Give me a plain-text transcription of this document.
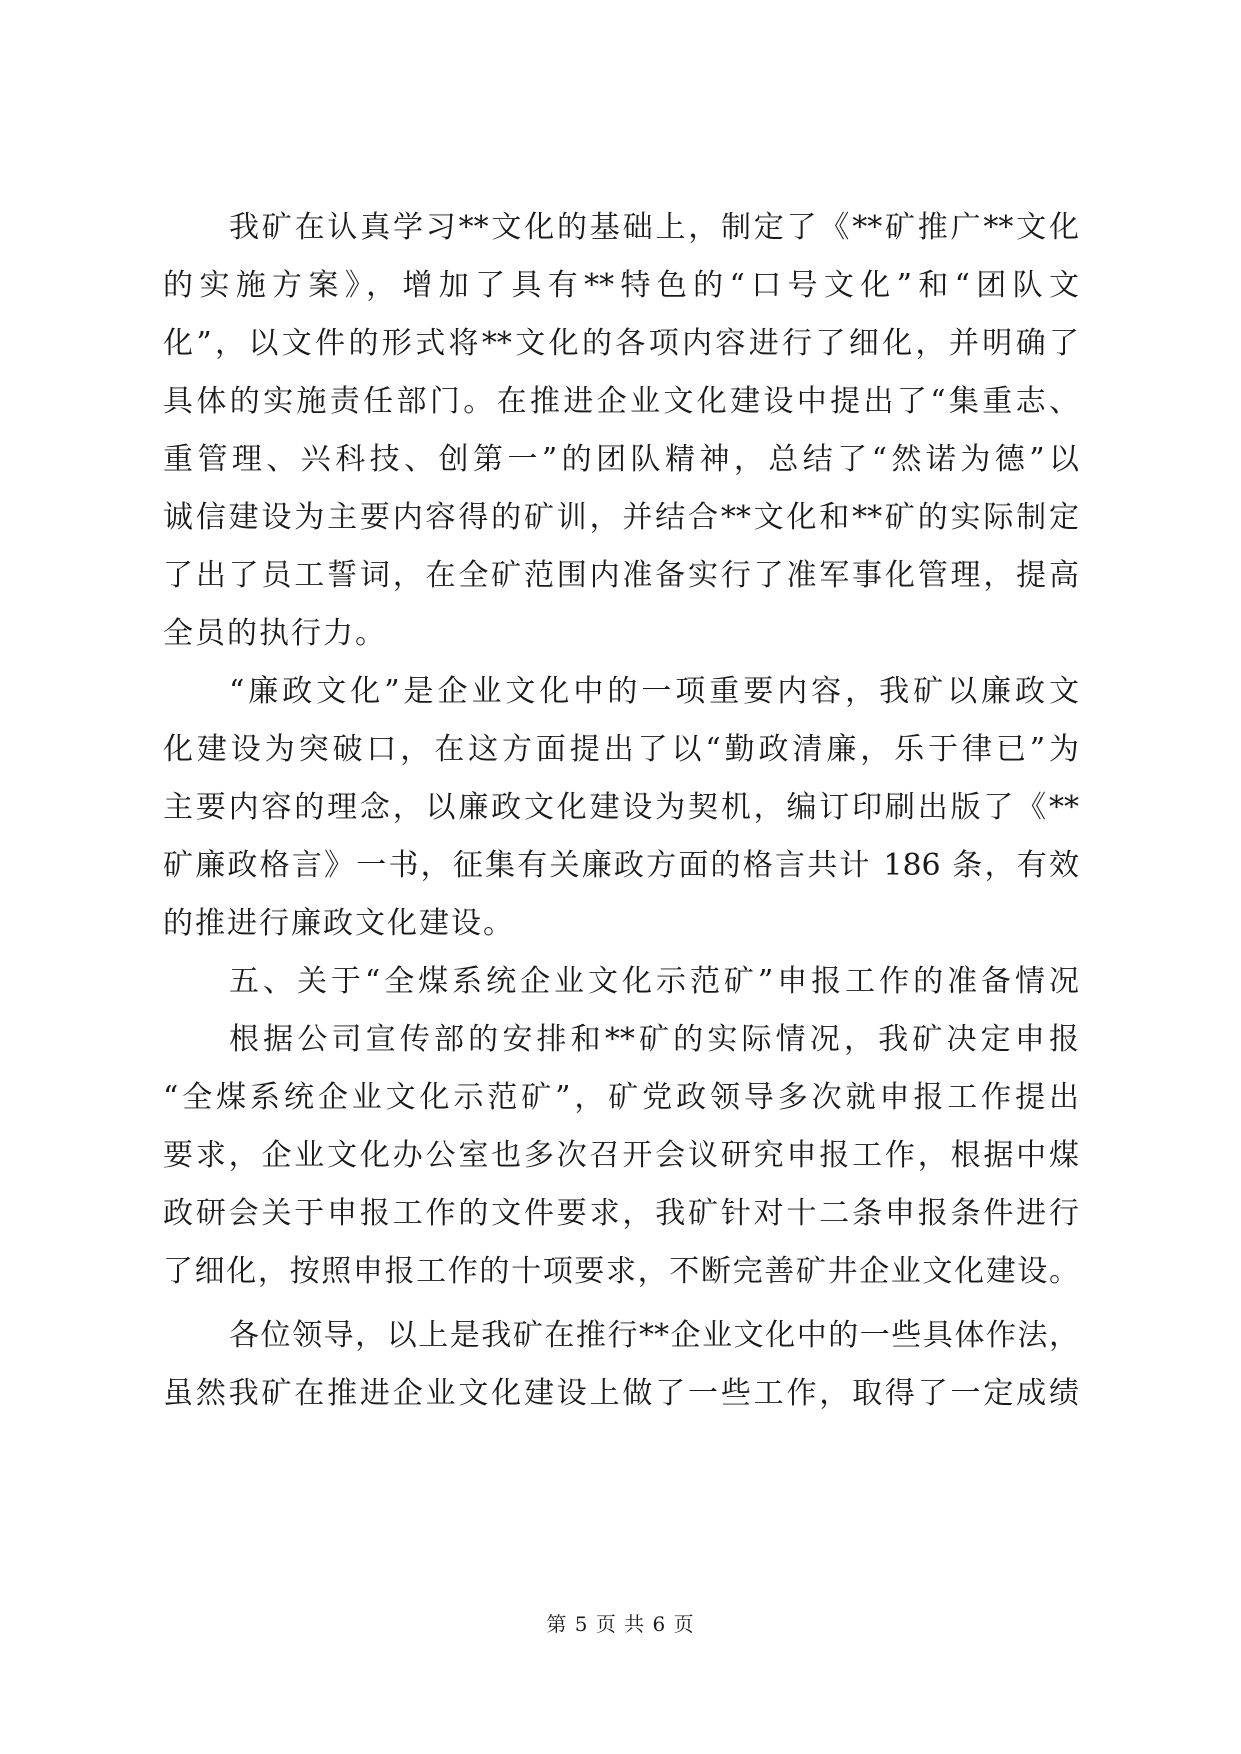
我矿在认真学习**文化的基础上，制定了《**矿推广**文化
的实施方案》，增加了具有**特色的“口号文化”和“团队文
化”，以文件的形式将**文化的各项内容进行了细化，并明确了
具体的实施责任部门。在推进企业文化建设中提出了“集重志、
重管理、兴科技、创第一”的团队精神，总结了“然诺为德”以
诚信建设为主要内容得的矿训，并结合**文化和**矿的实际制定
了出了员工誓词，在全矿范围内准备实行了准军事化管理，提高
全员的执行力。
“廉政文化”是企业文化中的一项重要内容，我矿以廉政文
化建设为突破口，在这方面提出了以“勤政清廉，乐于律已”为
主要内容的理念，以廉政文化建设为契机，编订印刷出版了《**
矿廉政格言》一书，征集有关廉政方面的格言共计 186 条，有效
的推进行廉政文化建设。
五、关于“全煤系统企业文化示范矿”申报工作的准备情况
根据公司宣传部的安排和**矿的实际情况，我矿决定申报
“全煤系统企业文化示范矿”，矿党政领导多次就申报工作提出
要求，企业文化办公室也多次召开会议研究申报工作，根据中煤
政研会关于申报工作的文件要求，我矿针对十二条申报条件进行
了细化，按照申报工作的十项要求，不断完善矿井企业文化建设。
各位领导，以上是我矿在推行**企业文化中的一些具体作法，
虽然我矿在推进企业文化建设上做了一些工作，取得了一定成绩
第 5 页 共 6 页
